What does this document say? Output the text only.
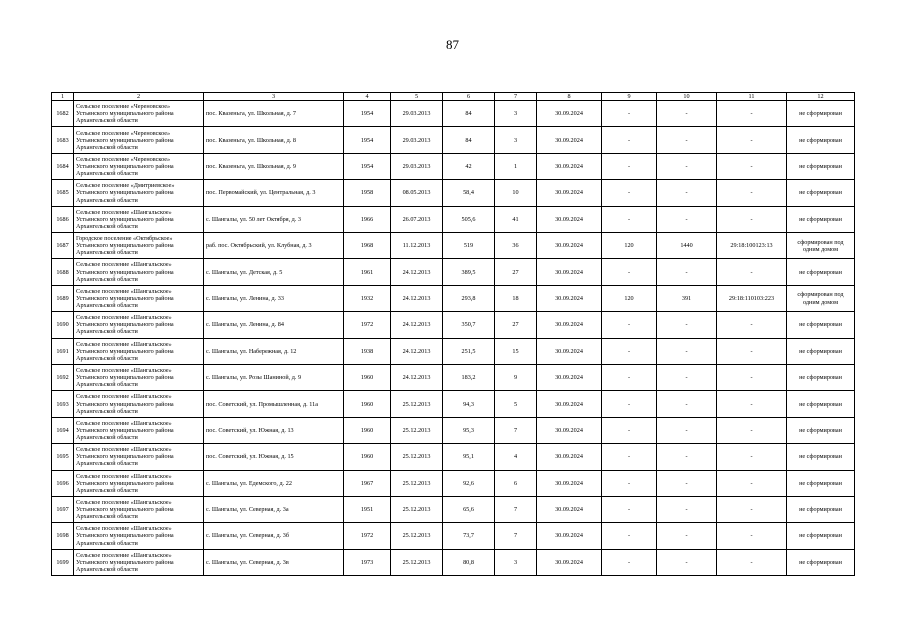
87
1	2	3	4	5	6	7	8	9	10	11	12
1682	Сельское поселение «Череновское» Устьянского муниципального района Архангельской области	пос. Квазеньга, ул. Школьная, д. 7	1954	29.03.2013	84	3	30.09.2024	-	-	-	не сформирован
1683	Сельское поселение «Череновское» Устьянского муниципального района Архангельской области	пос. Квазеньга, ул. Школьная, д. 8	1954	29.03.2013	84	3	30.09.2024	-	-	-	не сформирован
1684	Сельское поселение «Череновское» Устьянского муниципального района Архангельской области	пос. Квазеньга, ул. Школьная, д. 9	1954	29.03.2013	42	1	30.09.2024	-	-	-	не сформирован
1685	Сельское поселение «Дмитриевское» Устьянского муниципального района Архангельской области	пос. Первомайский, ул. Центральная, д. 3	1958	08.05.2013	58,4	10	30.09.2024	-	-	-	не сформирован
1686	Сельское поселение «Шангальское» Устьянского муниципального района Архангельской области	с. Шангалы, ул. 50 лет Октября, д. 3	1966	26.07.2013	505,6	41	30.09.2024	-	-	-	не сформирован
1687	Городское поселение «Октябрьское» Устьянского муниципального района Архангельской области	раб. пос. Октябрьский, ул. Клубная, д. 3	1968	11.12.2013	519	36	30.09.2024	120	1440	29:18:100123:13	сформирован под одним домом
1688	Сельское поселение «Шангальское» Устьянского муниципального района Архангельской области	с. Шангалы, ул. Детская, д. 5	1961	24.12.2013	389,5	27	30.09.2024	-	-	-	не сформирован
1689	Сельское поселение «Шангальское» Устьянского муниципального района Архангельской области	с. Шангалы, ул. Ленина, д. 33	1932	24.12.2013	293,8	18	30.09.2024	120	391	29:18:110103:223	сформирован под одним домом
1690	Сельское поселение «Шангальское» Устьянского муниципального района Архангельской области	с. Шангалы, ул. Ленина, д. 84	1972	24.12.2013	350,7	27	30.09.2024	-	-	-	не сформирован
1691	Сельское поселение «Шангальское» Устьянского муниципального района Архангельской области	с. Шангалы, ул. Набережная, д. 12	1938	24.12.2013	251,5	15	30.09.2024	-	-	-	не сформирован
1692	Сельское поселение «Шангальское» Устьянского муниципального района Архангельской области	с. Шангалы, ул. Розы Шаниной, д. 9	1960	24.12.2013	183,2	9	30.09.2024	-	-	-	не сформирован
1693	Сельское поселение «Шангальское» Устьянского муниципального района Архангельской области	пос. Советский, ул. Промышленная, д. 11а	1960	25.12.2013	94,3	5	30.09.2024	-	-	-	не сформирован
1694	Сельское поселение «Шангальское» Устьянского муниципального района Архангельской области	пос. Советский, ул. Южная, д. 13	1960	25.12.2013	95,3	7	30.09.2024	-	-	-	не сформирован
1695	Сельское поселение «Шангальское» Устьянского муниципального района Архангельской области	пос. Советский, ул. Южная, д. 15	1960	25.12.2013	95,1	4	30.09.2024	-	-	-	не сформирован
1696	Сельское поселение «Шангальское» Устьянского муниципального района Архангельской области	с. Шангалы, ул. Едемского, д. 22	1967	25.12.2013	92,6	6	30.09.2024	-	-	-	не сформирован
1697	Сельское поселение «Шангальское» Устьянского муниципального района Архангельской области	с. Шангалы, ул. Северная, д. 3а	1951	25.12.2013	65,6	7	30.09.2024	-	-	-	не сформирован
1698	Сельское поселение «Шангальское» Устьянского муниципального района Архангельской области	с. Шангалы, ул. Северная, д. 3б	1972	25.12.2013	73,7	7	30.09.2024	-	-	-	не сформирован
1699	Сельское поселение «Шангальское» Устьянского муниципального района Архангельской области	с. Шангалы, ул. Северная, д. 3в	1973	25.12.2013	80,8	3	30.09.2024	-	-	-	не сформирован
